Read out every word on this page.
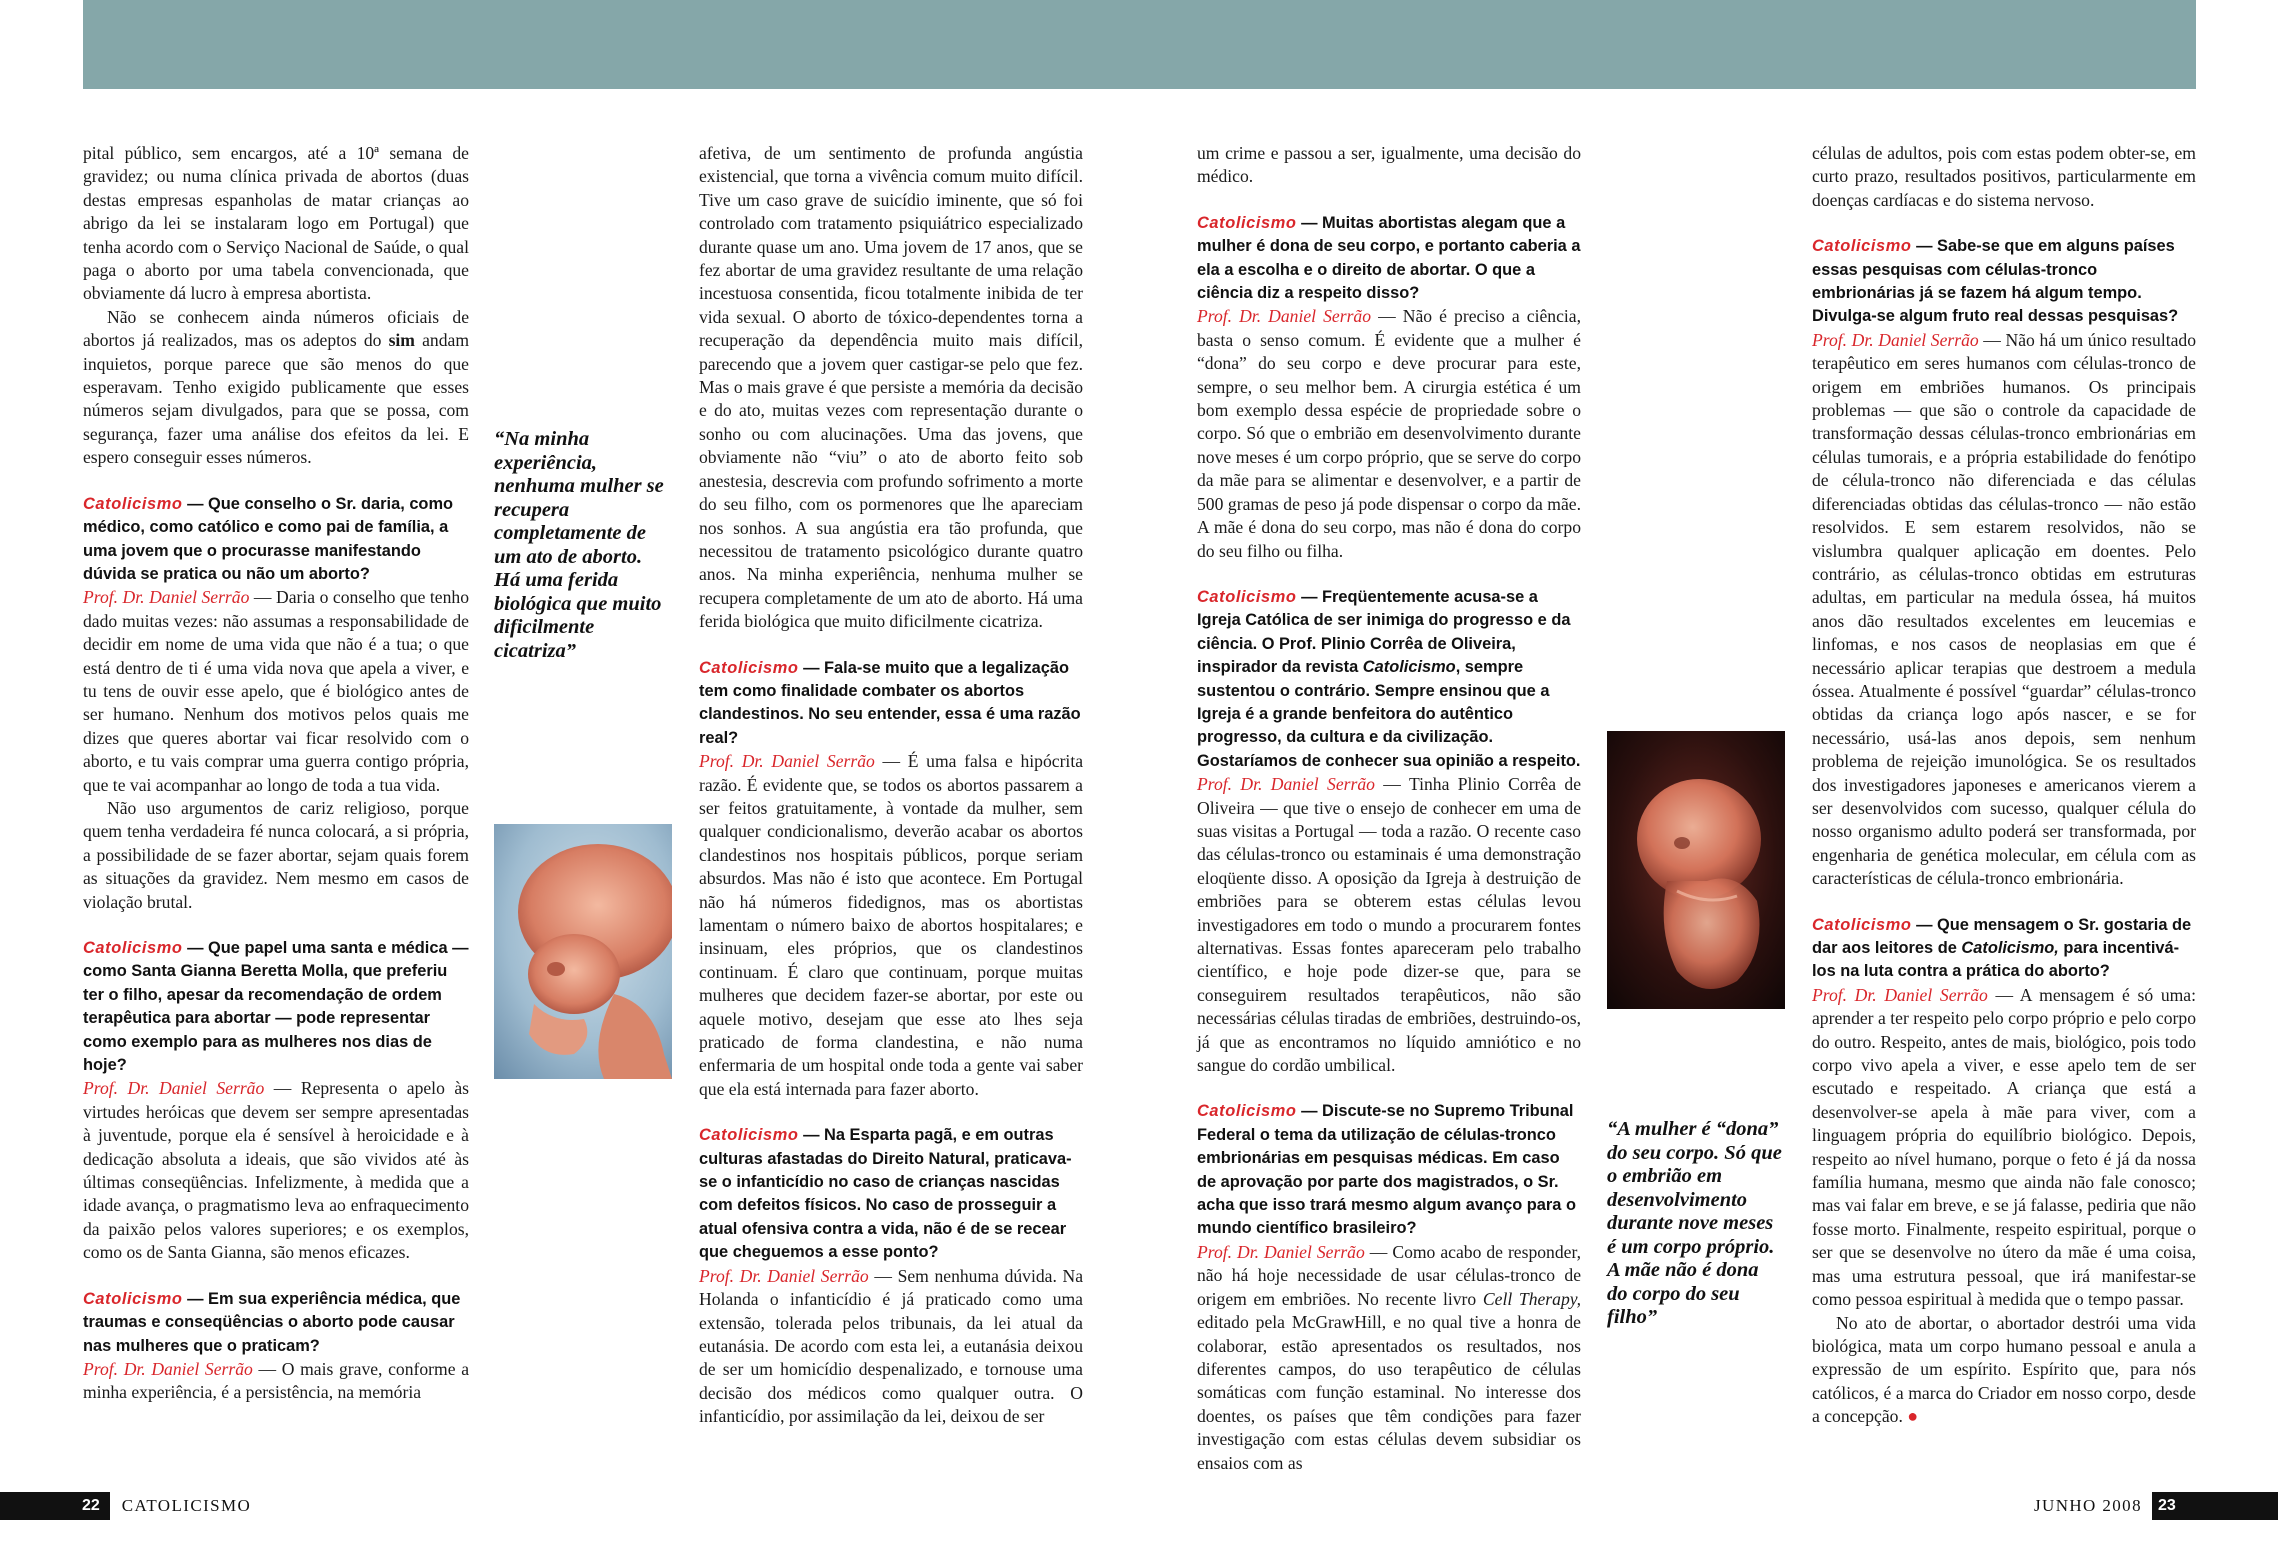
pital público, sem encargos, até a 10ª semana de gravidez; ou numa clínica privada de abortos (duas destas empresas espanholas de matar crianças ao abrigo da lei se instalaram logo em Portugal) que tenha acordo com o Serviço Nacional de Saúde, o qual paga o aborto por uma tabela convencionada, que obviamente dá lucro à empresa abortista.

Não se conhecem ainda números oficiais de abortos já realizados, mas os adeptos do sim andam inquietos, porque parece que são menos do que esperavam. Tenho exigido publicamente que esses números sejam divulgados, para que se possa, com segurança, fazer uma análise dos efeitos da lei. E espero conseguir esses números.

Catolicismo — Que conselho o Sr. daria, como médico, como católico e como pai de família, a uma jovem que o procurasse manifestando dúvida se pratica ou não um aborto?

Prof. Dr. Daniel Serrão — Daria o conselho que tenho dado muitas vezes: não assumas a responsabilidade de decidir em nome de uma vida que não é a tua; o que está dentro de ti é uma vida nova que apela a viver, e tu tens de ouvir esse apelo, que é biológico antes de ser humano. Nenhum dos motivos pelos quais me dizes que queres abortar vai ficar resolvido com o aborto, e tu vais comprar uma guerra contigo própria, que te vai acompanhar ao longo de toda a tua vida.

Não uso argumentos de cariz religioso, porque quem tenha verdadeira fé nunca colocará, a si própria, a possibilidade de se fazer abortar, sejam quais forem as situações da gravidez. Nem mesmo em casos de violação brutal.

Catolicismo — Que papel uma santa e médica — como Santa Gianna Beretta Molla, que preferiu ter o filho, apesar da recomendação de ordem terapêutica para abortar — pode representar como exemplo para as mulheres nos dias de hoje?

Prof. Dr. Daniel Serrão — Representa o apelo às virtudes heróicas que devem ser sempre apresentadas à juventude, porque ela é sensível à heroicidade e à dedicação absoluta a ideais, que são vividos até às últimas conseqüências. Infelizmente, à medida que a idade avança, o pragmatismo leva ao enfraquecimento da paixão pelos valores superiores; e os exemplos, como os de Santa Gianna, são menos eficazes.

Catolicismo — Em sua experiência médica, que traumas e conseqüências o aborto pode causar nas mulheres que o praticam?

Prof. Dr. Daniel Serrão — O mais grave, conforme a minha experiência, é a persistência, na memória

“Na minha experiência, nenhuma mulher se recupera completamente de um ato de aborto. Há uma ferida biológica que muito dificilmente cicatriza”

afetiva, de um sentimento de profunda angústia existencial, que torna a vivência comum muito difícil. Tive um caso grave de suicídio iminente, que só foi controlado com tratamento psiquiátrico especializado durante quase um ano. Uma jovem de 17 anos, que se fez abortar de uma gravidez resultante de uma relação incestuosa consentida, ficou totalmente inibida de ter vida sexual. O aborto de tóxico-dependentes torna a recuperação da dependência muito mais difícil, parecendo que a jovem quer castigar-se pelo que fez. Mas o mais grave é que persiste a memória da decisão e do ato, muitas vezes com representação durante o sonho ou com alucinações. Uma das jovens, que obviamente não “viu” o ato de aborto feito sob anestesia, descrevia com profundo sofrimento a morte do seu filho, com os pormenores que lhe apareciam nos sonhos. A sua angústia era tão profunda, que necessitou de tratamento psicológico durante quatro anos. Na minha experiência, nenhuma mulher se recupera completamente de um ato de aborto. Há uma ferida biológica que muito dificilmente cicatriza.

Catolicismo — Fala-se muito que a legalização tem como finalidade combater os abortos clandestinos. No seu entender, essa é uma razão real?

Prof. Dr. Daniel Serrão — É uma falsa e hipócrita razão. É evidente que, se todos os abortos passarem a ser feitos gratuitamente, à vontade da mulher, sem qualquer condicionalismo, deverão acabar os abortos clandestinos nos hospitais públicos, porque seriam absurdos. Mas não é isto que acontece. Em Portugal não há números fidedignos, mas os abortistas lamentam o número baixo de abortos hospitalares; e insinuam, eles próprios, que os clandestinos continuam. É claro que continuam, porque muitas mulheres que decidem fazer-se abortar, por este ou aquele motivo, desejam que esse ato lhes seja praticado de forma clandestina, e não numa enfermaria de um hospital onde toda a gente vai saber que ela está internada para fazer aborto.

Catolicismo — Na Esparta pagã, e em outras culturas afastadas do Direito Natural, praticava-se o infanticídio no caso de crianças nascidas com defeitos físicos. No caso de prosseguir a atual ofensiva contra a vida, não é de se recear que cheguemos a esse ponto?

Prof. Dr. Daniel Serrão — Sem nenhuma dúvida. Na Holanda o infanticídio é já praticado como uma extensão, tolerada pelos tribunais, da lei atual da eutanásia. De acordo com esta lei, a eutanásia deixou de ser um homicídio despenalizado, e tornouse uma decisão dos médicos como qualquer outra. O infanticídio, por assimilação da lei, deixou de ser

um crime e passou a ser, igualmente, uma decisão do médico.

Catolicismo — Muitas abortistas alegam que a mulher é dona de seu corpo, e portanto caberia a ela a escolha e o direito de abortar. O que a ciência diz a respeito disso?

Prof. Dr. Daniel Serrão — Não é preciso a ciência, basta o senso comum. É evidente que a mulher é “dona” do seu corpo e deve procurar para este, sempre, o seu melhor bem. A cirurgia estética é um bom exemplo dessa espécie de propriedade sobre o corpo. Só que o embrião em desenvolvimento durante nove meses é um corpo próprio, que se serve do corpo da mãe para se alimentar e desenvolver, e a partir de 500 gramas de peso já pode dispensar o corpo da mãe. A mãe é dona do seu corpo, mas não é dona do corpo do seu filho ou filha.

Catolicismo — Freqüentemente acusa-se a Igreja Católica de ser inimiga do progresso e da ciência. O Prof. Plinio Corrêa de Oliveira, inspirador da revista Catolicismo, sempre sustentou o contrário. Sempre ensinou que a Igreja é a grande benfeitora do autêntico progresso, da cultura e da civilização. Gostaríamos de conhecer sua opinião a respeito.

Prof. Dr. Daniel Serrão — Tinha Plinio Corrêa de Oliveira — que tive o ensejo de conhecer em uma de suas visitas a Portugal — toda a razão. O recente caso das células-tronco ou estaminais é uma demonstração eloqüente disso. A oposição da Igreja à destruição de embriões para se obterem estas células levou investigadores em todo o mundo a procurarem fontes alternativas. Essas fontes apareceram pelo trabalho científico, e hoje pode dizer-se que, para se conseguirem resultados terapêuticos, não são necessárias células tiradas de embriões, destruindo-os, já que as encontramos no líquido amniótico e no sangue do cordão umbilical.

Catolicismo — Discute-se no Supremo Tribunal Federal o tema da utilização de células-tronco embrionárias em pesquisas médicas. Em caso de aprovação por parte dos magistrados, o Sr. acha que isso trará mesmo algum avanço para o mundo científico brasileiro?

Prof. Dr. Daniel Serrão — Como acabo de responder, não há hoje necessidade de usar células-tronco de origem em embriões. No recente livro Cell Therapy, editado pela McGrawHill, e no qual tive a honra de colaborar, estão apresentados os resultados, nos diferentes campos, do uso terapêutico de células somáticas com função estaminal. No interesse dos doentes, os países que têm condições para fazer investigação com estas células devem subsidiar os ensaios com as

“A mulher é “dona” do seu corpo. Só que o embrião em desenvolvimento durante nove meses é um corpo próprio. A mãe não é dona do corpo do seu filho”

células de adultos, pois com estas podem obter-se, em curto prazo, resultados positivos, particularmente em doenças cardíacas e do sistema nervoso.

Catolicismo — Sabe-se que em alguns países essas pesquisas com células-tronco embrionárias já se fazem há algum tempo. Divulga-se algum fruto real dessas pesquisas?

Prof. Dr. Daniel Serrão — Não há um único resultado terapêutico em seres humanos com células-tronco de origem em embriões humanos. Os principais problemas — que são o controle da capacidade de transformação dessas células-tronco embrionárias em células tumorais, e a própria estabilidade do fenótipo de célula-tronco não diferenciada e das células diferenciadas obtidas das células-tronco — não estão resolvidos. E sem estarem resolvidos, não se vislumbra qualquer aplicação em doentes. Pelo contrário, as células-tronco obtidas em estruturas adultas, em particular na medula óssea, há muitos anos dão resultados excelentes em leucemias e linfomas, e nos casos de neoplasias em que é necessário aplicar terapias que destroem a medula óssea. Atualmente é possível “guardar” células-tronco obtidas da criança logo após nascer, e se for necessário, usá-las anos depois, sem nenhum problema de rejeição imunológica. Se os resultados dos investigadores japoneses e americanos vierem a ser desenvolvidos com sucesso, qualquer célula do nosso organismo adulto poderá ser transformada, por engenharia de genética molecular, em célula com as características de célula-tronco embrionária.

Catolicismo — Que mensagem o Sr. gostaria de dar aos leitores de Catolicismo, para incentivá-los na luta contra a prática do aborto?

Prof. Dr. Daniel Serrão — A mensagem é só uma: aprender a ter respeito pelo corpo próprio e pelo corpo do outro. Respeito, antes de mais, biológico, pois todo corpo vivo apela a viver, e esse apelo tem de ser escutado e respeitado. A criança que está a desenvolver-se apela à mãe para viver, com a linguagem própria do equilíbrio biológico. Depois, respeito ao nível humano, porque o feto é já da nossa família humana, mesmo que ainda não fale conosco; mas vai falar em breve, e se já falasse, pediria que não fosse morto. Finalmente, respeito espiritual, porque o ser que se desenvolve no útero da mãe é uma coisa, mas uma estrutura pessoal, que irá manifestar-se como pessoa espiritual à medida que o tempo passar.

No ato de abortar, o abortador destrói uma vida biológica, mata um corpo humano pessoal e anula a expressão de um espírito. Espírito que, para nós católicos, é a marca do Criador em nosso corpo, desde a concepção. ●

22	CATOLICISMO	JUNHO 2008	23
